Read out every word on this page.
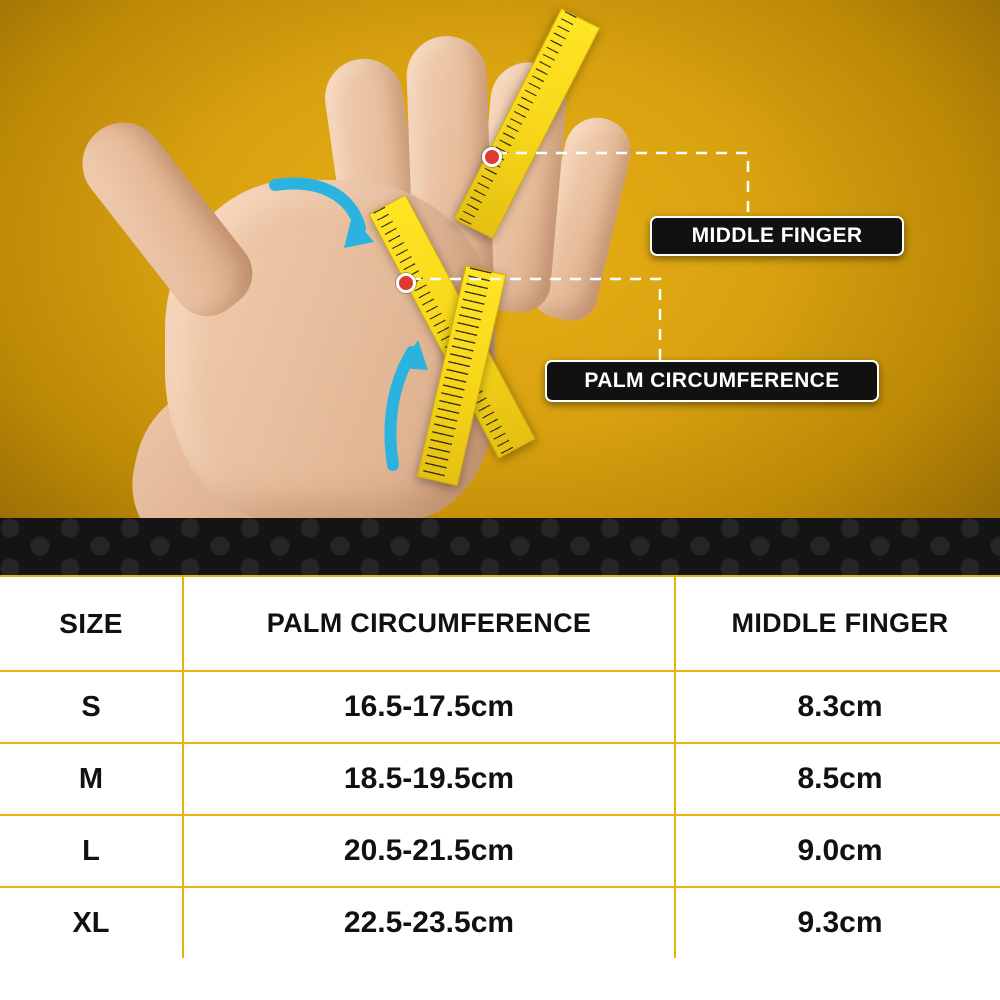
MIDDLE FINGER
PALM CIRCUMFERENCE
SIZE	PALM CIRCUMFERENCE	MIDDLE FINGER
S	16.5-17.5cm	8.3cm
M	18.5-19.5cm	8.5cm
L	20.5-21.5cm	9.0cm
XL	22.5-23.5cm	9.3cm
